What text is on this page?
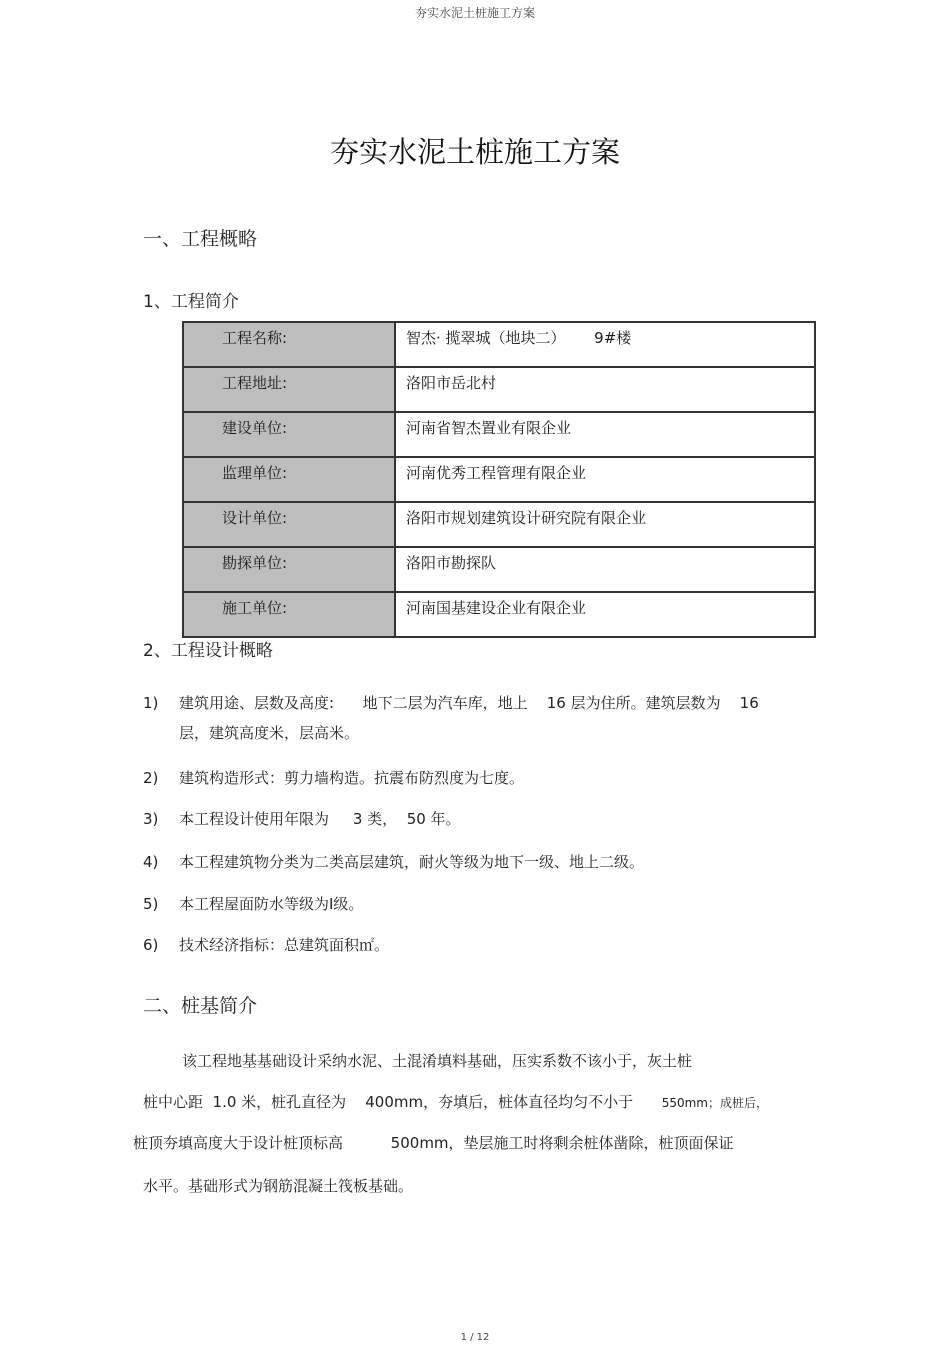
夯实水泥土桩施工方案
夯实水泥土桩施工方案
一、工程概略
1、工程简介
工程名称:	智杰· 揽翠城（地块二）      9#楼
工程地址:	洛阳市岳北村
建设单位:	河南省智杰置业有限企业
监理单位:	河南优秀工程管理有限企业
设计单位:	洛阳市规划建筑设计研究院有限企业
勘探单位:	洛阳市勘探队
施工单位:	河南国基建设企业有限企业
2、工程设计概略
1) 建筑用途、层数及高度:      地下二层为汽车库，地上    16 层为住所。建筑层数为    16
层，建筑高度米，层高米。
2) 建筑构造形式：剪力墙构造。抗震布防烈度为七度。
3) 本工程设计使用年限为     3 类，  50 年。
4) 本工程建筑物分类为二类高层建筑，耐火等级为地下一级、地上二级。
5) 本工程屋面防水等级为Ⅰ级。
6) 技术经济指标：总建筑面积㎡。
二、桩基简介
该工程地基基础设计采纳水泥、土混淆填料基础，压实系数不该小于，灰土桩
桩中心距  1.0 米，桩孔直径为    400mm，夯填后，桩体直径均匀不小于      550mm；成桩后，
桩顶夯填高度大于设计桩顶标高          500mm，垫层施工时将剩余桩体凿除，桩顶面保证
水平。基础形式为钢筋混凝土筏板基础。
1 / 12
